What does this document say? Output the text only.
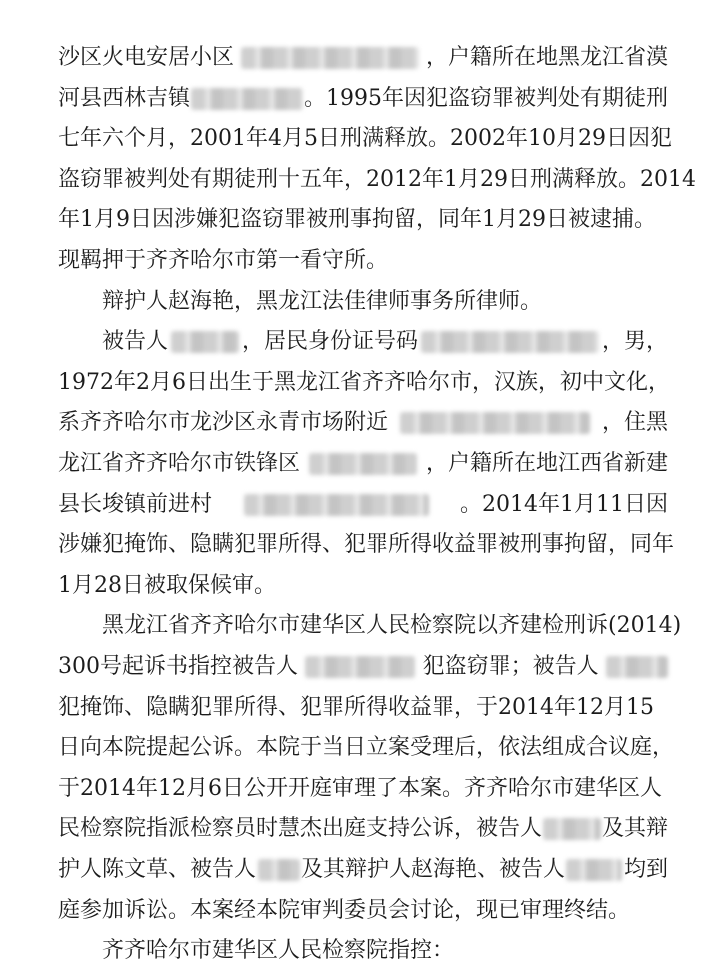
沙区火电安居小区	，户籍所在地黑龙江省漠
河县西林吉镇	。1995年因犯盗窃罪被判处有期徒刑
七年六个月，2001年4月5日刑满释放。2002年10月29日因犯
盗窃罪被判处有期徒刑十五年，2012年1月29日刑满释放。2014
年1月9日因涉嫌犯盗窃罪被刑事拘留，同年1月29日被逮捕。
现羁押于齐齐哈尔市第一看守所。
辩护人赵海艳，黑龙江法佳律师事务所律师。
被告人	，居民身份证号码	，男，
1972年2月6日出生于黑龙江省齐齐哈尔市，汉族，初中文化，
系齐齐哈尔市龙沙区永青市场附近	，住黑
龙江省齐齐哈尔市铁锋区	，户籍所在地江西省新建
县长埈镇前进村	。2014年1月11日因
涉嫌犯掩饰、隐瞒犯罪所得、犯罪所得收益罪被刑事拘留，同年
1月28日被取保候审。
黑龙江省齐齐哈尔市建华区人民检察院以齐建检刑诉(2014)
300号起诉书指控被告人	犯盗窃罪；被告人
犯掩饰、隐瞒犯罪所得、犯罪所得收益罪，于2014年12月15
日向本院提起公诉。本院于当日立案受理后，依法组成合议庭，
于2014年12月6日公开开庭审理了本案。齐齐哈尔市建华区人
民检察院指派检察员时慧杰出庭支持公诉，被告人	及其辩
护人陈文草、被告人 及其辩护人赵海艳、被告人	均到
庭参加诉讼。本案经本院审判委员会讨论，现已审理终结。
齐齐哈尔市建华区人民检察院指控：
